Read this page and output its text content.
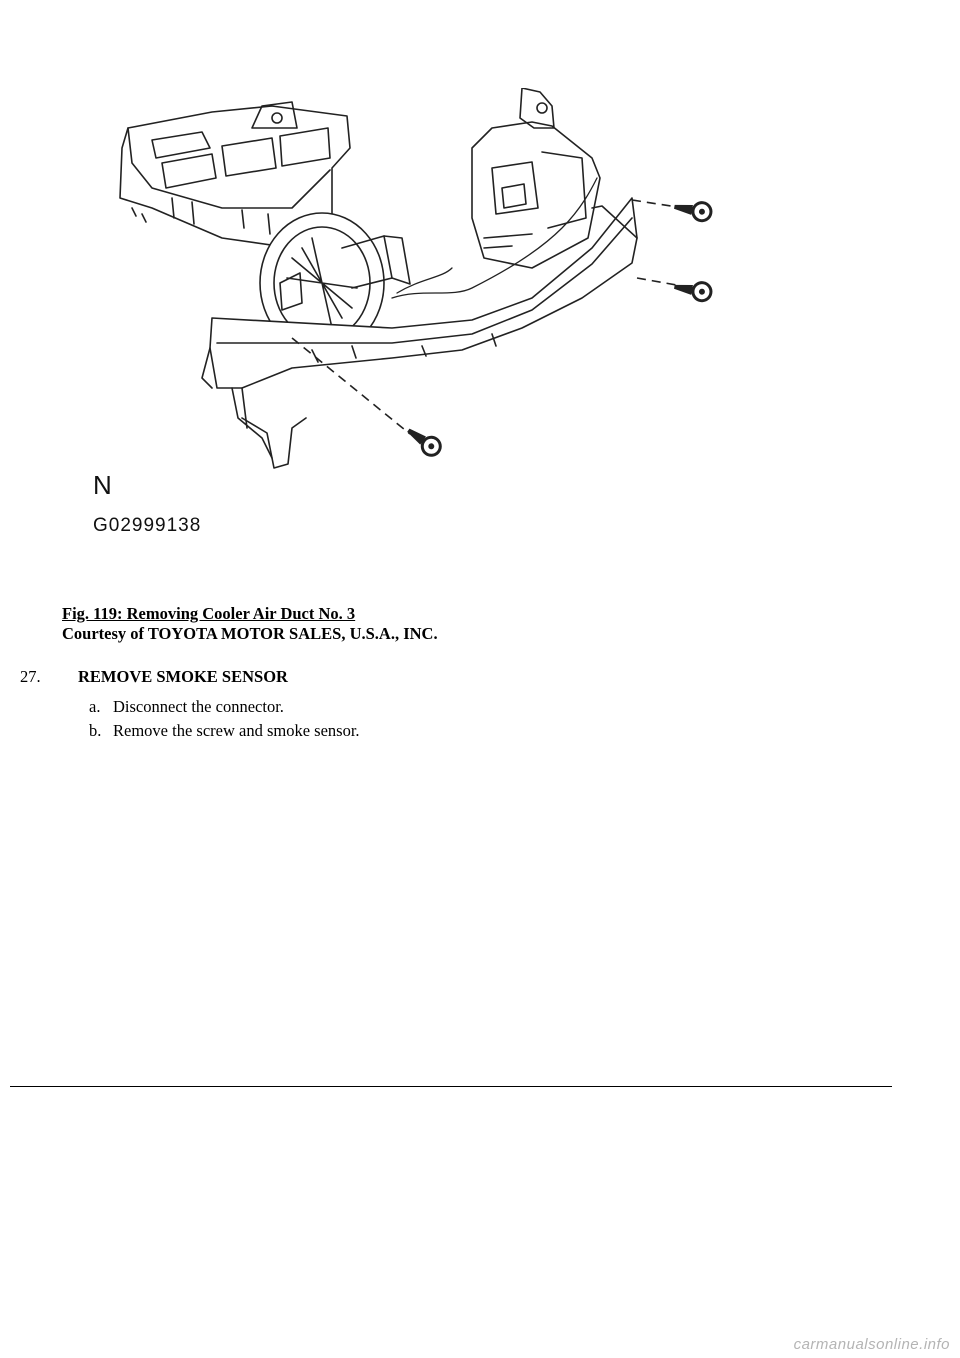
N
G02999138
Fig. 119: Removing Cooler Air Duct No. 3
Courtesy of TOYOTA MOTOR SALES, U.S.A., INC.
27. REMOVE SMOKE SENSOR
a. Disconnect the connector.
b. Remove the screw and smoke sensor.
carmanualsonline.info
